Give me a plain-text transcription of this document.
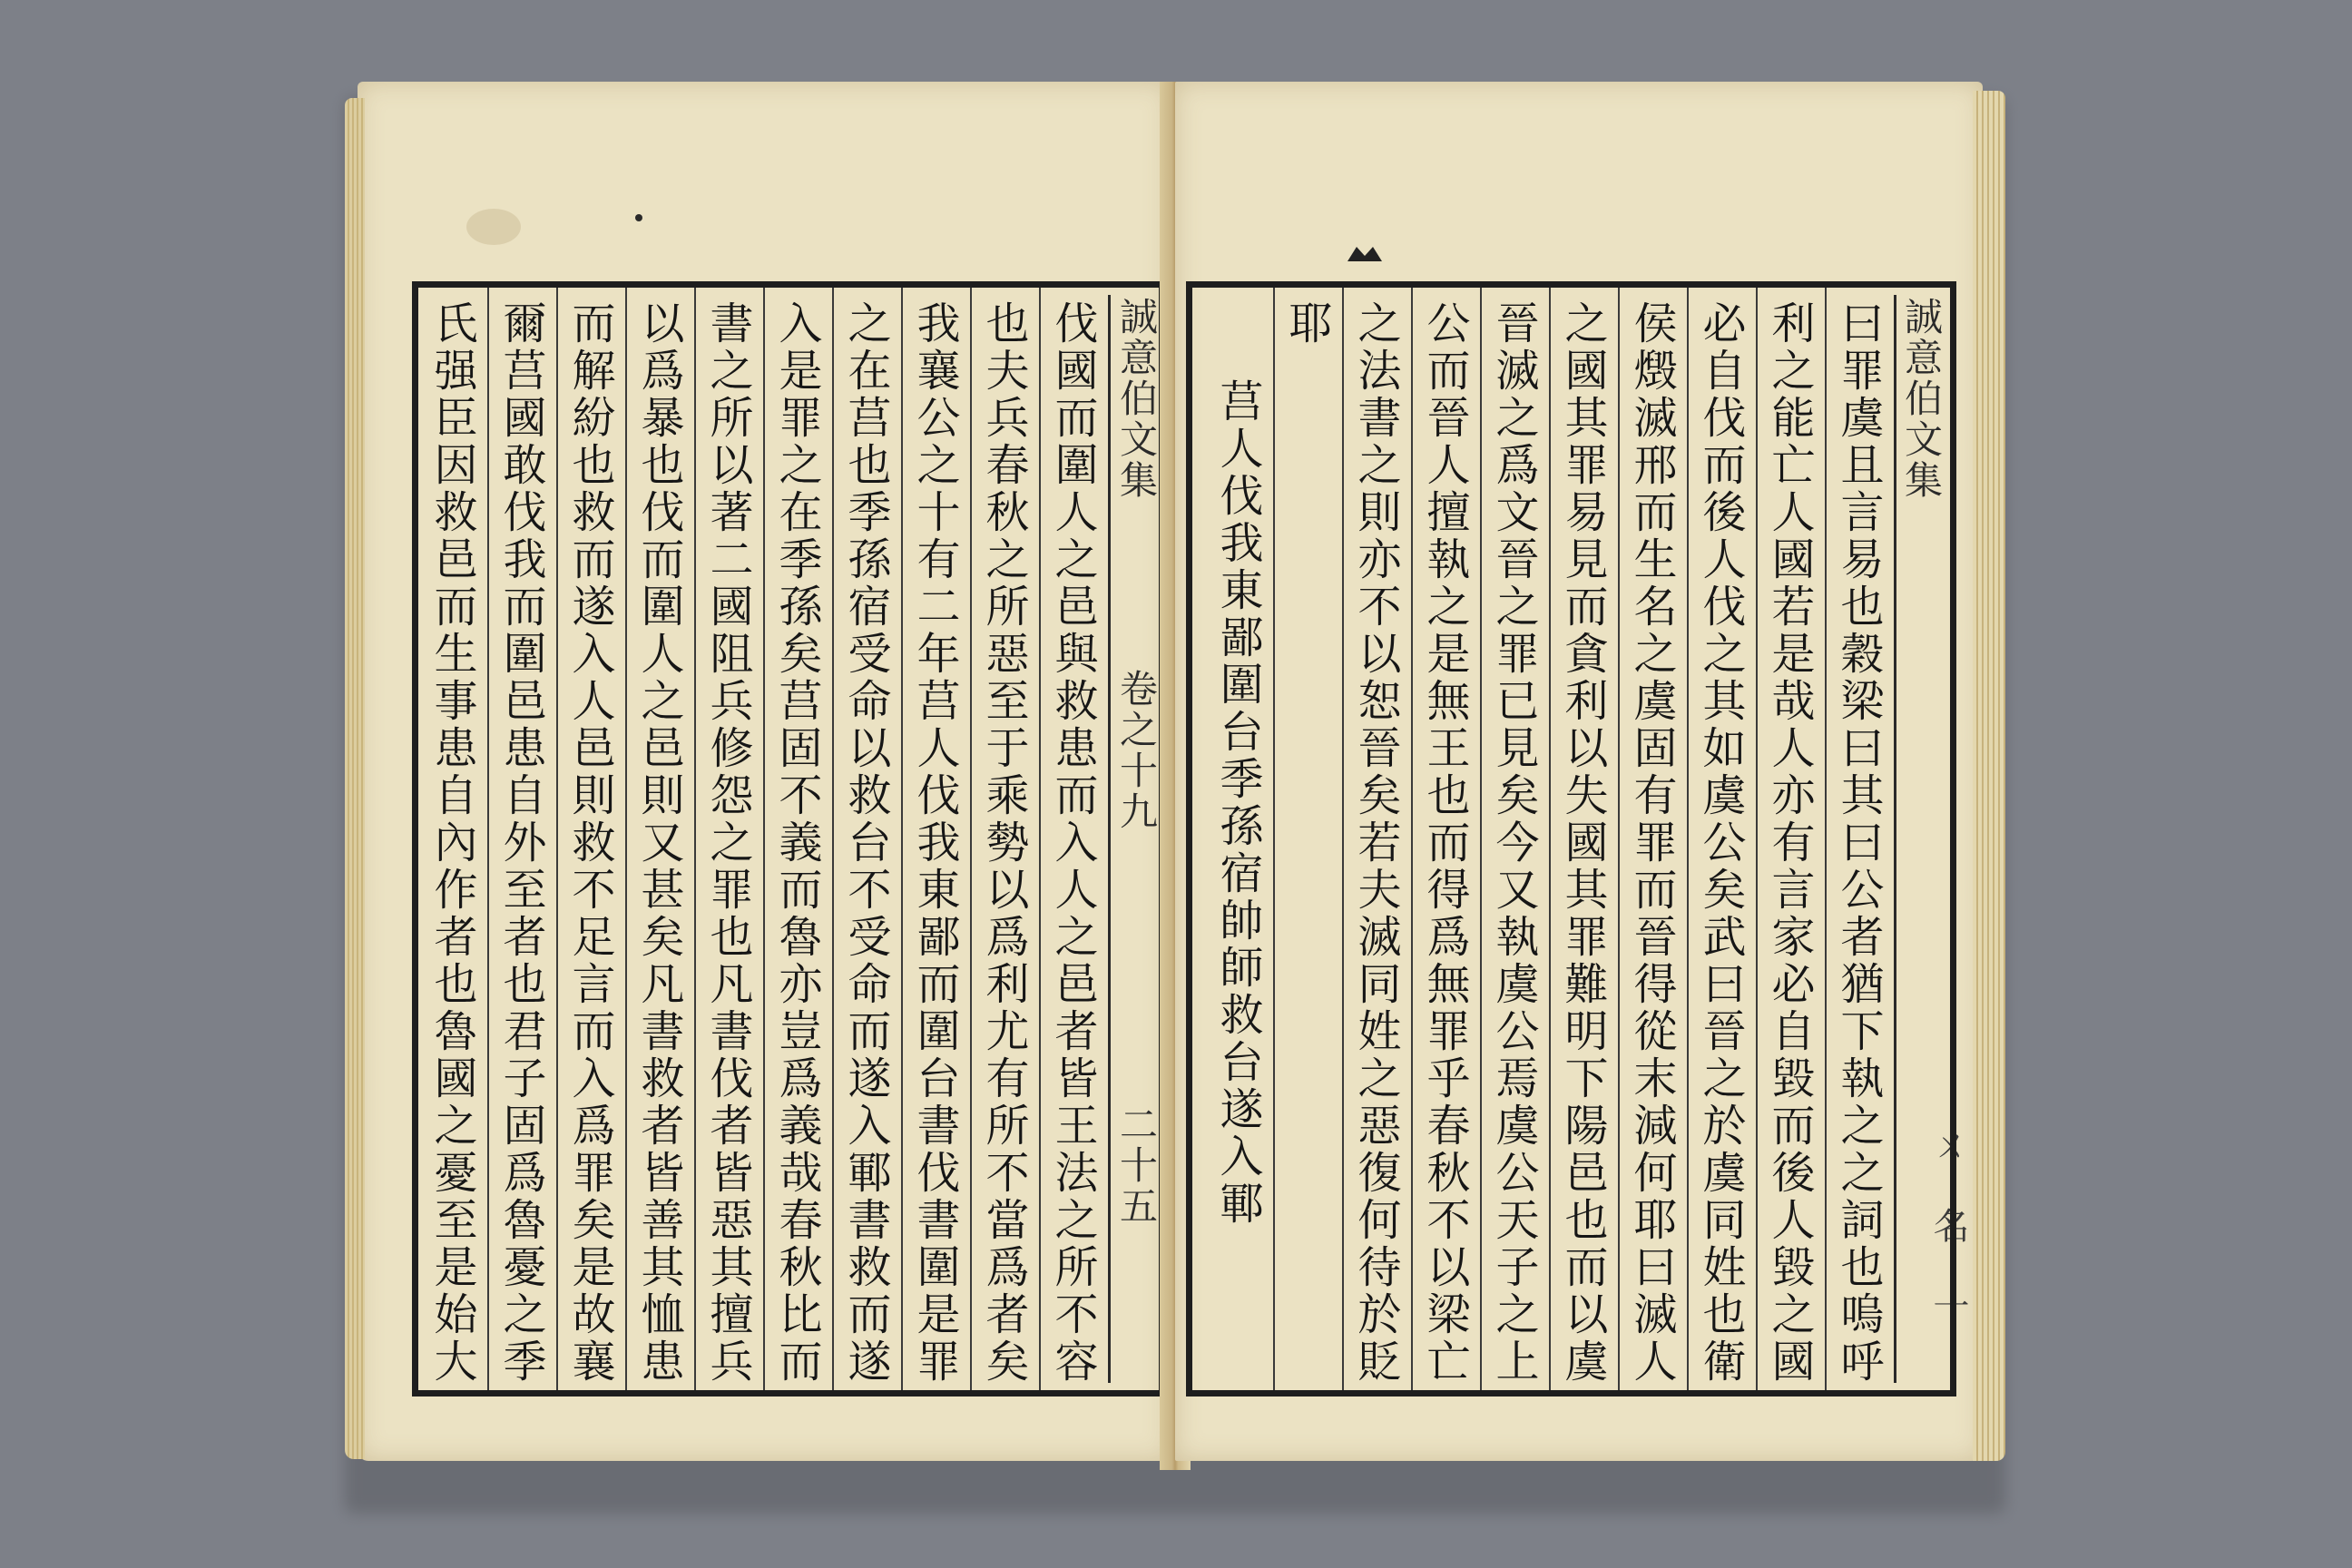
誠意伯文集
卷之十九
二十五
伐國而圍人之邑與救患而入人之邑者皆王法之所不容
也夫兵春秋之所惡至于乘勢以爲利尤有所不當爲者矣
我襄公之十有二年莒人伐我東鄙而圍台書伐書圍是罪
之在莒也季孫宿受命以救台不受命而遂入鄆書救而遂
入是罪之在季孫矣莒固不義而魯亦豈爲義哉春秋比而
書之所以著二國阻兵修怨之罪也凡書伐者皆惡其擅兵
以爲暴也伐而圍人之邑則又甚矣凡書救者皆善其恤患
而解紛也救而遂入人邑則救不足言而入爲罪矣是故襄
爾莒國敢伐我而圍邑患自外至者也君子固爲魯憂之季
氏强臣因救邑而生事患自內作者也魯國之憂至是始大	ㄨ 名 十
誠意伯文集
曰罪虞且言易也穀梁曰其曰公者猶下執之之詞也嗚呼
利之能亡人國若是哉人亦有言家必自毀而後人毀之國
必自伐而後人伐之其如虞公矣武曰晉之於虞同姓也衛
侯燬滅邢而生名之虞固有罪而晉得從末減何耶曰滅人
之國其罪易見而貪利以失國其罪難明下陽邑也而以虞
晉滅之爲文晉之罪已見矣今又執虞公焉虞公天子之上
公而晉人擅執之是無王也而得爲無罪乎春秋不以梁亡
之法書之則亦不以恕晉矣若夫滅同姓之惡復何待於貶
耶
莒人伐我東鄙圍台季孫宿帥師救台遂入鄆
